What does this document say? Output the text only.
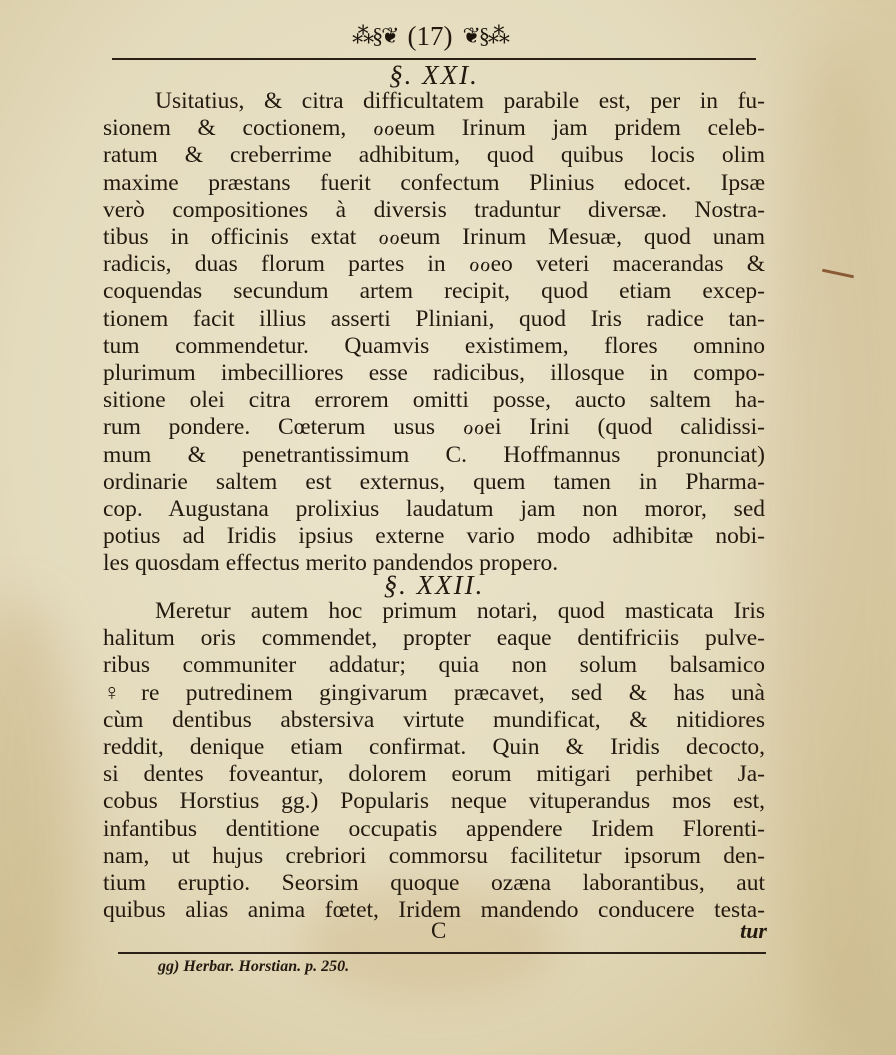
⁂§❦ (17) ❦§⁂
§. XXI.
Usitatius, & citra difficultatem parabile est, per in fu-
sionem & coctionem, ℴℴeum Irinum jam pridem celeb-
ratum & creberrime adhibitum, quod quibus locis olim
maxime præstans fuerit confectum Plinius edocet. Ipsæ
verò compositiones à diversis traduntur diversæ. Nostra-
tibus in officinis extat ℴℴeum Irinum Mesuæ, quod unam
radicis, duas florum partes in ℴℴeo veteri macerandas &
coquendas secundum artem recipit, quod etiam excep-
tionem facit illius asserti Pliniani, quod Iris radice tan-
tum commendetur. Quamvis existimem, flores omnino
plurimum imbecilliores esse radicibus, illosque in compo-
sitione olei citra errorem omitti posse, aucto saltem ha-
rum pondere. Cœterum usus ℴℴei Irini (quod calidissi-
mum & penetrantissimum C. Hoffmannus pronunciat)
ordinarie saltem est externus, quem tamen in Pharma-
cop. Augustana prolixius laudatum jam non moror, sed
potius ad Iridis ipsius externe vario modo adhibitæ nobi-
les quosdam effectus merito pandendos propero.
§. XXII.
Meretur autem hoc primum notari, quod masticata Iris
halitum oris commendet, propter eaque dentifriciis pulve-
ribus communiter addatur; quia non solum balsamico
♀re putredinem gingivarum præcavet, sed & has unà
cùm dentibus abstersiva virtute mundificat, & nitidiores
reddit, denique etiam confirmat. Quin & Iridis decocto,
si dentes foveantur, dolorem eorum mitigari perhibet Ja-
cobus Horstius gg.) Popularis neque vituperandus mos est,
infantibus dentitione occupatis appendere Iridem Florenti-
nam, ut hujus crebriori commorsu facilitetur ipsorum den-
tium eruptio. Seorsim quoque ozæna laborantibus, aut
quibus alias anima fœtet, Iridem mandendo conducere testa-
C	tur
gg) Herbar. Horstian. p. 250.
